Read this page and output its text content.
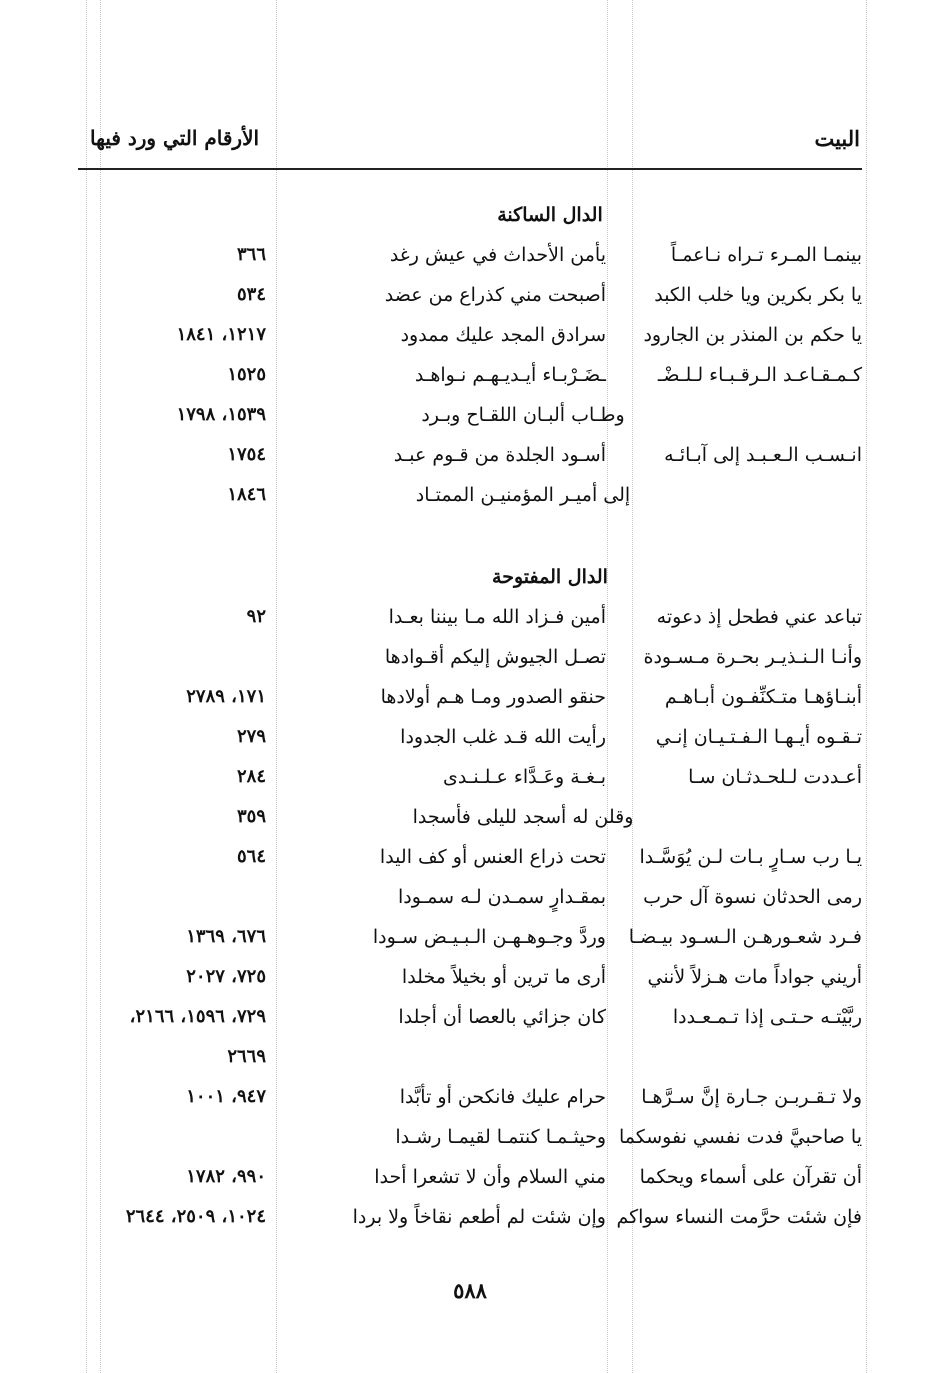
البيت
الأرقام التي ورد فيها
الدال الساكنة
بينمـا المـرء تـراه نـاعمـاً
يأمن الأحداث في عيش رغد
٣٦٦
يا بكر بكرين ويا خلب الكبد
أصبحت مني كذراع من عضد
٥٣٤
يا حكم بن المنذر بن الجارود
سرادق المجد عليك ممدود
١٢١٧، ١٨٤١
كـمـقـاعـد الـرقـبـاء لـلـضْـ
ـضَـرْبـاء أيـديـهـم نـواهـد
١٥٢٥
وطـاب ألبـان اللقـاح وبـرد
١٥٣٩، ١٧٩٨
انـسـب الـعـبـد إلى آبـائـه
أسـود الجلدة من قـوم عبـد
١٧٥٤
إلى أميـر المؤمنيـن الممتـاد
١٨٤٦
الدال المفتوحة
تباعد عني فطحل إذ دعوته
أمين فـزاد الله مـا بيننا بعـدا
٩٢
وأنـا الـنـذيـر بحـرة مـسـودة
تصـل الجيوش إليكم أقـوادها
أبنـاؤهـا متـكنِّفـون أبـاهـم
حنقو الصدور ومـا هـم أولادها
١٧١، ٢٧٨٩
تـقـوه أيـهـا الـفـتـيـان إنـي
رأيت الله قـد غلب الجدودا
٢٧٩
أعـددت لـلحـدثـان سـا
بـغـة وعَـدَّاء عـلـنـدى
٢٨٤
وقلن له أسجد لليلى فأسجدا
٣٥٩
يـا رب سـارٍ بـات لـن يُوَسَّـدا
تحت ذراع العنس أو كف اليدا
٥٦٤
رمى الحدثان نسوة آل حرب
بمقـدارٍ سمـدن لـه سمـودا
فـرد شعـورهـن الـسـود بيـضـا
وردَّ وجـوهـهـن الـبـيـض سـودا
٦٧٦، ١٣٦٩
أريني جواداً مات هـزلاً لأنني
أرى ما ترين أو بخيلاً مخلدا
٧٢٥، ٢٠٢٧
ربَّيْتـه حـتـى إذا تـمـعـددا
كان جزائي بالعصا أن أجلدا
٧٢٩، ١٥٩٦، ٢١٦٦،
٢٦٦٩
ولا تـقـربـن جـارة إنَّ سـرَّهـا
حرام عليك فانكحن أو تأبَّدا
٩٤٧، ١٠٠١
يا صاحبيَّ فدت نفسي نفوسكما
وحيثـمـا كنتمـا لقيمـا رشـدا
أن تقرآن على أسماء ويحكما
مني السلام وأن لا تشعرا أحدا
٩٩٠، ١٧٨٢
فإن شئت حرَّمت النساء سواكم
وإن شئت لم أطعم نقاخاً ولا بردا
١٠٢٤، ٢٥٠٩، ٢٦٤٤
٥٨٨
